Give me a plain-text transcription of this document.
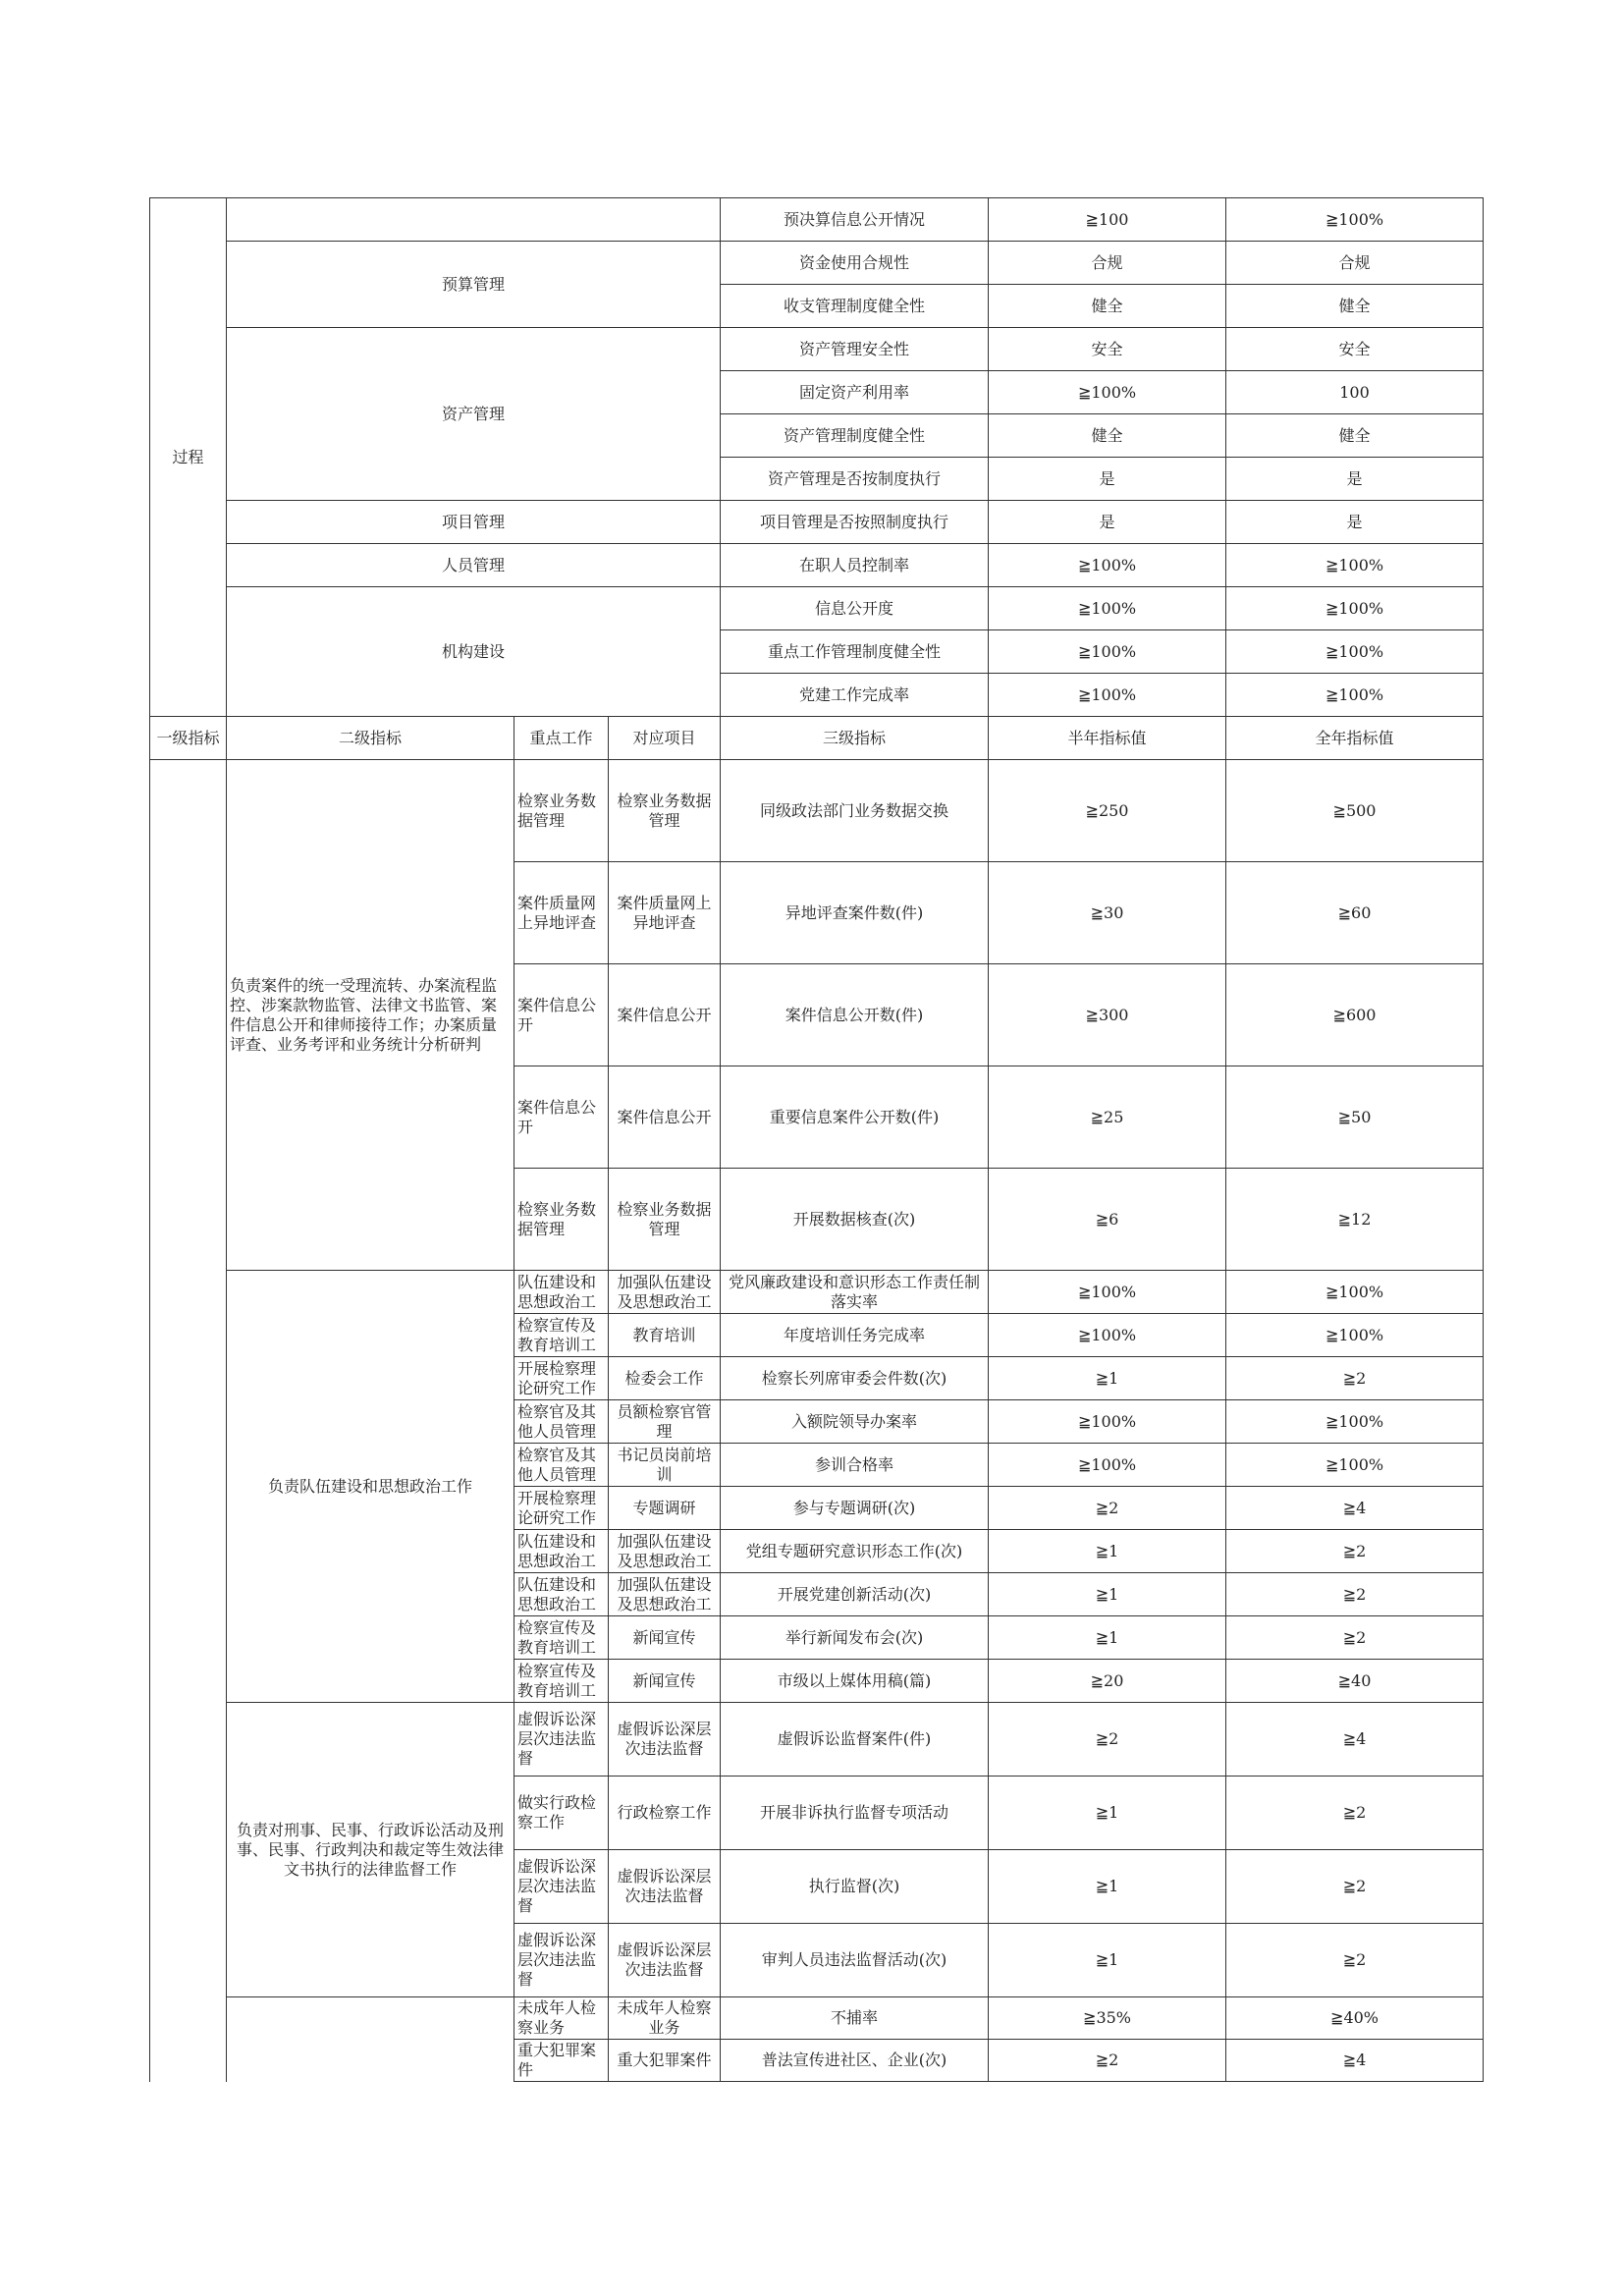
过程				预决算信息公开情况	≧100	≧100%
	预算管理			资金使用合规性	合规	合规
				收支管理制度健全性	健全	健全
	资产管理			资产管理安全性	安全	安全
				固定资产利用率	≧100%	100
				资产管理制度健全性	健全	健全
				资产管理是否按制度执行	是	是
	项目管理			项目管理是否按照制度执行	是	是
	人员管理			在职人员控制率	≧100%	≧100%
	机构建设			信息公开度	≧100%	≧100%
				重点工作管理制度健全性	≧100%	≧100%
				党建工作完成率	≧100%	≧100%
一级指标	二级指标	重点工作	对应项目	三级指标	半年指标值	全年指标值
	负责案件的统一受理流转、办案流程监控、涉案款物监管、法律文书监管、案件信息公开和律师接待工作；办案质量评查、业务考评和业务统计分析研判	检察业务数据管理	检察业务数据管理	同级政法部门业务数据交换	≧250	≧500
		案件质量网上异地评查	案件质量网上异地评查	异地评查案件数(件)	≧30	≧60
		案件信息公开	案件信息公开	案件信息公开数(件)	≧300	≧600
		案件信息公开	案件信息公开	重要信息案件公开数(件)	≧25	≧50
		检察业务数据管理	检察业务数据管理	开展数据核查(次)	≧6	≧12
	负责队伍建设和思想政治工作	队伍建设和思想政治工	加强队伍建设及思想政治工	党风廉政建设和意识形态工作责任制落实率	≧100%	≧100%
		检察宣传及教育培训工	教育培训	年度培训任务完成率	≧100%	≧100%
		开展检察理论研究工作	检委会工作	检察长列席审委会件数(次)	≧1	≧2
		检察官及其他人员管理	员额检察官管理	入额院领导办案率	≧100%	≧100%
		检察官及其他人员管理	书记员岗前培训	参训合格率	≧100%	≧100%
		开展检察理论研究工作	专题调研	参与专题调研(次)	≧2	≧4
		队伍建设和思想政治工	加强队伍建设及思想政治工	党组专题研究意识形态工作(次)	≧1	≧2
		队伍建设和思想政治工	加强队伍建设及思想政治工	开展党建创新活动(次)	≧1	≧2
		检察宣传及教育培训工	新闻宣传	举行新闻发布会(次)	≧1	≧2
		检察宣传及教育培训工	新闻宣传	市级以上媒体用稿(篇)	≧20	≧40
	负责对刑事、民事、行政诉讼活动及刑事、民事、行政判决和裁定等生效法律文书执行的法律监督工作	虚假诉讼深层次违法监督	虚假诉讼深层次违法监督	虚假诉讼监督案件(件)	≧2	≧4
		做实行政检察工作	行政检察工作	开展非诉执行监督专项活动	≧1	≧2
		虚假诉讼深层次违法监督	虚假诉讼深层次违法监督	执行监督(次)	≧1	≧2
		虚假诉讼深层次违法监督	虚假诉讼深层次违法监督	审判人员违法监督活动(次)	≧1	≧2
		未成年人检察业务	未成年人检察业务	不捕率	≧35%	≧40%
		重大犯罪案件	重大犯罪案件	普法宣传进社区、企业(次)	≧2	≧4
